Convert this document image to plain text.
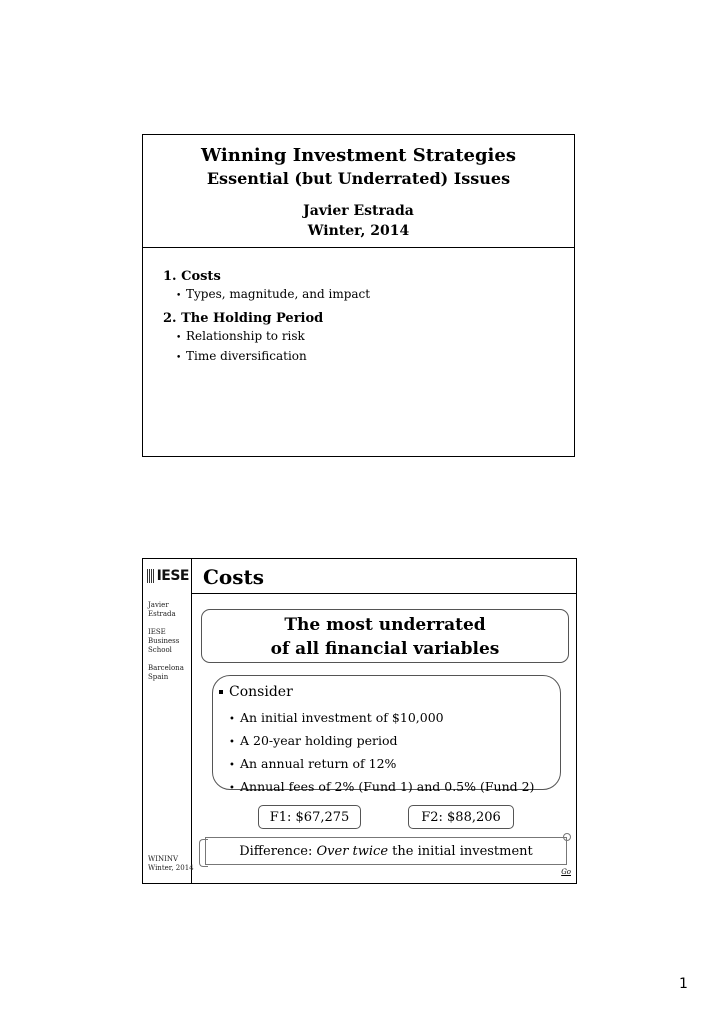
Winning Investment Strategies
Essential (but Underrated) Issues
Javier Estrada
Winter, 2014

1. Costs

• Types, magnitude, and impact

2. The Holding Period

• Relationship to risk

• Time diversification

IESE Costs

Javier
Estrada

IESE
Business
School

Barcelona
Spain

WININV
Winter, 2014
The most underrated
of all financial variables
Consider
• An initial investment of $10,000
• A 20-year holding period
• An annual return of 12%
• Annual fees of 2% (Fund 1) and 0.5% (Fund 2)
F1: $67,275	F2: $88,206
Difference: Over twice the initial investment
Go
1
